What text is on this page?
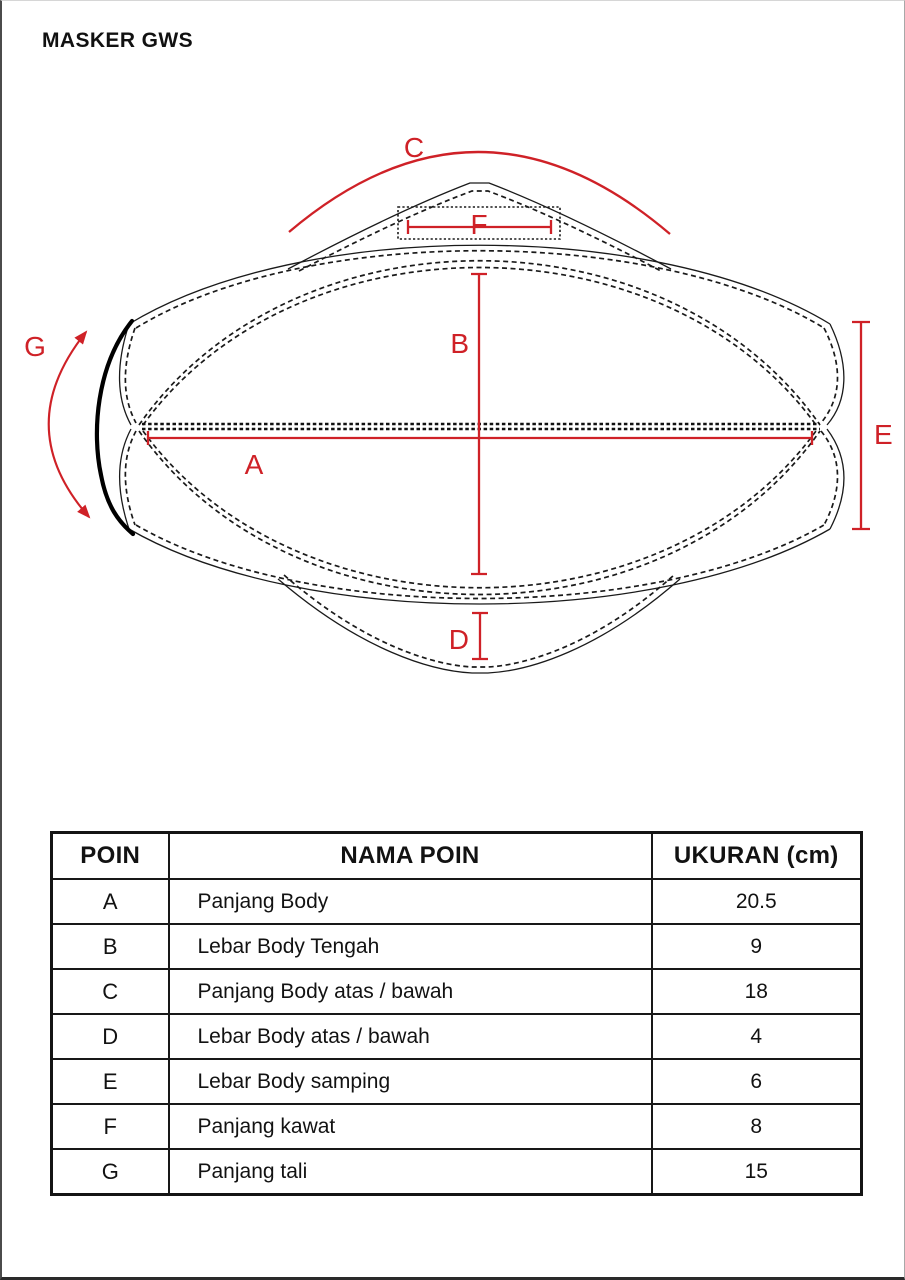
MASKER GWS
C
F
G	B
A
E
D
POIN	NAMA POIN	UKURAN (cm)
A	Panjang Body	20.5
B	Lebar Body Tengah	9
C	Panjang Body atas / bawah	18
D	Lebar Body atas / bawah	4
E	Lebar Body samping	6
F	Panjang kawat	8
G	Panjang tali	15
